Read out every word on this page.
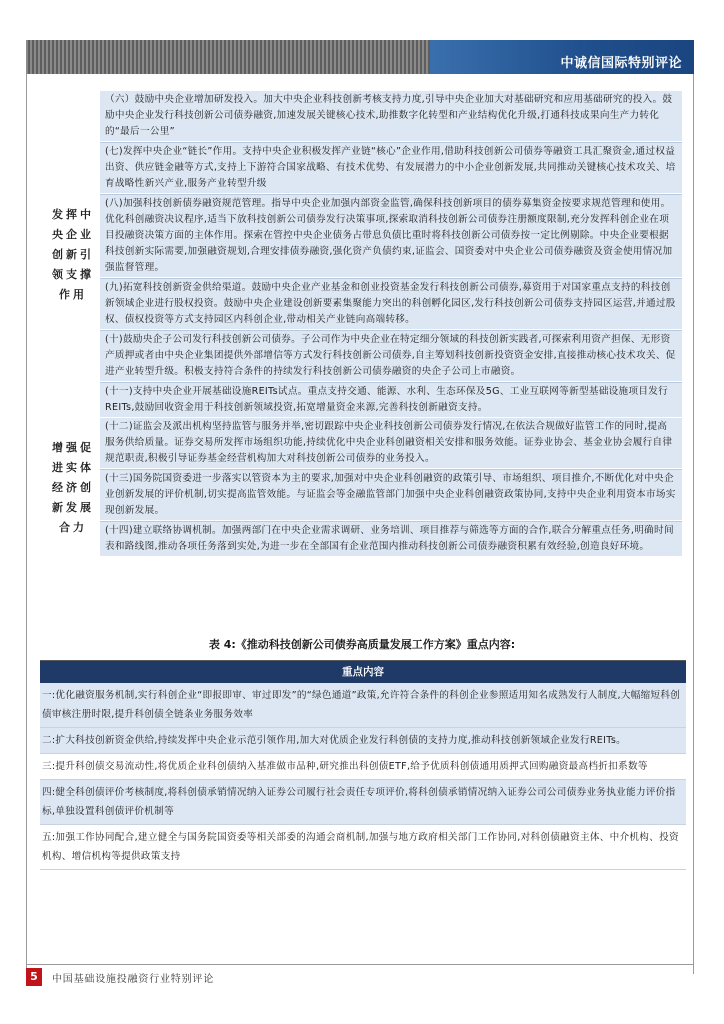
中诚信国际特别评论
发挥中央企业创新引领支撑作用
（六）鼓励中央企业增加研发投入。加大中央企业科技创新考核支持力度,引导中央企业加大对基础研究和应用基础研究的投入。鼓励中央企业发行科技创新公司债券融资,加速发展关键核心技术,助推数字化转型和产业结构优化升级,打通科技成果向生产力转化的“最后一公里”
(七)发挥中央企业“链长”作用。支持中央企业积极发挥产业链“核心”企业作用,借助科技创新公司债券等融资工具汇聚资金,通过权益出资、供应链金融等方式,支持上下游符合国家战略、有技术优势、有发展潜力的中小企业创新发展,共同推动关键核心技术攻关、培育战略性新兴产业,服务产业转型升级
(八)加强科技创新债券融资规范管理。指导中央企业加强内部资金监管,确保科技创新项目的债券募集资金按要求规范管理和使用。优化科创融资决议程序,适当下放科技创新公司债券发行决策事项,探索取消科技创新公司债券注册额度限制,充分发挥科创企业在项目投融资决策方面的主体作用。探索在管控中央企业债务占带息负债比重时将科技创新公司债券按一定比例剔除。中央企业要根据科技创新实际需要,加强融资规划,合理安排债券融资,强化资产负债约束,证监会、国资委对中央企业公司债券融资及资金使用情况加强监督管理。
(九)拓宽科技创新资金供给渠道。鼓励中央企业产业基金和创业投资基金发行科技创新公司债券,募资用于对国家重点支持的科技创新领域企业进行股权投资。鼓励中央企业建设创新要素集聚能力突出的科创孵化园区,发行科技创新公司债券支持园区运营,并通过股权、债权投资等方式支持园区内科创企业,带动相关产业链向高端转移。
(十)鼓励央企子公司发行科技创新公司债券。子公司作为中央企业在特定细分领域的科技创新实践者,可探索利用资产担保、无形资产质押或者由中央企业集团提供外部增信等方式发行科技创新公司债券,自主筹划科技创新投资资金安排,直接推动核心技术攻关、促进产业转型升级。积极支持符合条件的持续发行科技创新公司债券融资的央企子公司上市融资。
(十一)支持中央企业开展基础设施REITs试点。重点支持交通、能源、水利、生态环保及5G、工业互联网等新型基础设施项目发行REITs,鼓励回收资金用于科技创新领域投资,拓宽增量资金来源,完善科技创新融资支持。
增强促进实体经济创新发展合力
(十二)证监会及派出机构坚持监管与服务并举,密切跟踪中央企业科技创新公司债券发行情况,在依法合规做好监管工作的同时,提高服务供给质量。证券交易所发挥市场组织功能,持续优化中央企业科创融资相关安排和服务效能。证券业协会、基金业协会履行自律规范职责,积极引导证券基金经营机构加大对科技创新公司债券的业务投入。
(十三)国务院国资委进一步落实以管资本为主的要求,加强对中央企业科创融资的政策引导、市场组织、项目推介,不断优化对中央企业创新发展的评价机制,切实提高监管效能。与证监会等金融监管部门加强中央企业科创融资政策协同,支持中央企业利用资本市场实现创新发展。
(十四)建立联络协调机制。加强两部门在中央企业需求调研、业务培训、项目推荐与筛选等方面的合作,联合分解重点任务,明确时间表和路线图,推动各项任务落到实处,为进一步在全部国有企业范围内推动科技创新公司债券融资积累有效经验,创造良好环境。
表 4:《推动科技创新公司债券高质量发展工作方案》重点内容:
重点内容
一:优化融资服务机制,实行科创企业“即报即审、审过即发”的“绿色通道”政策,允许符合条件的科创企业参照适用知名成熟发行人制度,大幅缩短科创债审核注册时限,提升科创债全链条业务服务效率
二:扩大科技创新资金供给,持续发挥中央企业示范引领作用,加大对优质企业发行科创债的支持力度,推动科技创新领域企业发行REITs。
三:提升科创债交易流动性,将优质企业科创债纳入基准做市品种,研究推出科创债ETF,给予优质科创债通用质押式回购融资最高档折扣系数等
四:健全科创债评价考核制度,将科创债承销情况纳入证券公司履行社会责任专项评价,将科创债承销情况纳入证券公司公司债券业务执业能力评价指标,单独设置科创债评价机制等
五:加强工作协同配合,建立健全与国务院国资委等相关部委的沟通会商机制,加强与地方政府相关部门工作协同,对科创债融资主体、中介机构、投资机构、增信机构等提供政策支持
5	中国基础设施投融资行业特别评论
